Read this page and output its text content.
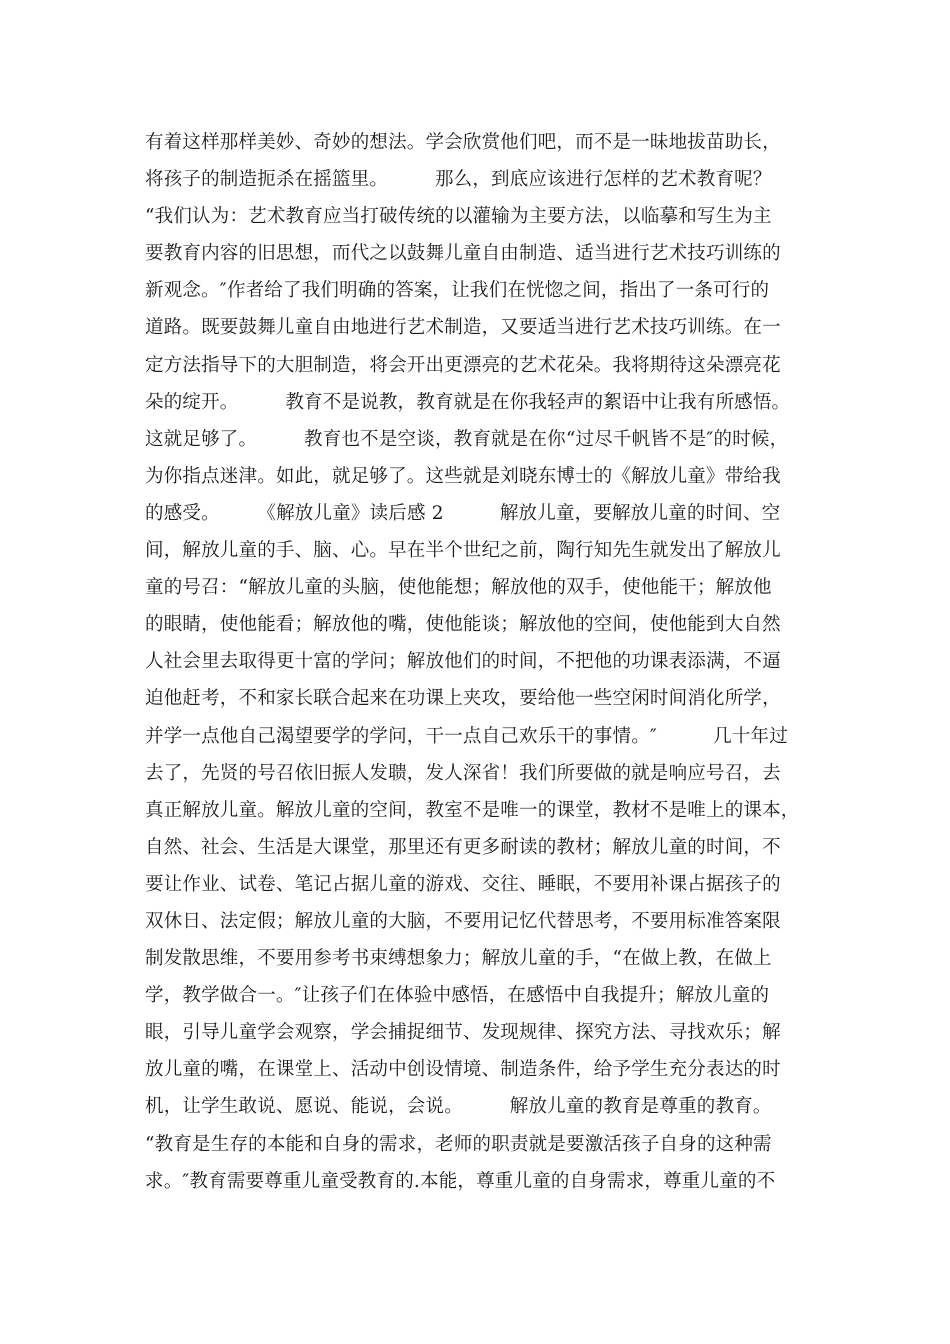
有着这样那样美妙、奇妙的想法。学会欣赏他们吧，而不是一昧地拔苗助长，
将孩子的制造扼杀在摇篮里。　　　那么，到底应该进行怎样的艺术教育呢？
“我们认为：艺术教育应当打破传统的以灌输为主要方法，以临摹和写生为主
要教育内容的旧思想，而代之以鼓舞儿童自由制造、适当进行艺术技巧训练的
新观念。″作者给了我们明确的答案，让我们在恍惚之间，指出了一条可行的
道路。既要鼓舞儿童自由地进行艺术制造，又要适当进行艺术技巧训练。在一
定方法指导下的大胆制造，将会开出更漂亮的艺术花朵。我将期待这朵漂亮花
朵的绽开。　　　教育不是说教，教育就是在你我轻声的絮语中让我有所感悟。
这就足够了。　　　教育也不是空谈，教育就是在你“过尽千帆皆不是″的时候，
为你指点迷津。如此，就足够了。这些就是刘晓东博士的《解放儿童》带给我
的感受。　　　《解放儿童》读后感 2　　　解放儿童，要解放儿童的时间、空
间，解放儿童的手、脑、心。早在半个世纪之前，陶行知先生就发出了解放儿
童的号召：“解放儿童的头脑，使他能想；解放他的双手，使他能干；解放他
的眼睛，使他能看；解放他的嘴，使他能谈；解放他的空间，使他能到大自然
人社会里去取得更十富的学问；解放他们的时间，不把他的功课表添满，不逼
迫他赶考，不和家长联合起来在功课上夹攻，要给他一些空闲时间消化所学，
并学一点他自己渴望要学的学问，干一点自己欢乐干的事情。″　　　几十年过
去了，先贤的号召依旧振人发聩，发人深省！我们所要做的就是响应号召，去
真正解放儿童。解放儿童的空间，教室不是唯一的课堂，教材不是唯上的课本，
自然、社会、生活是大课堂，那里还有更多耐读的教材；解放儿童的时间，不
要让作业、试卷、笔记占据儿童的游戏、交往、睡眠，不要用补课占据孩子的
双休日、法定假；解放儿童的大脑，不要用记忆代替思考，不要用标准答案限
制发散思维，不要用参考书束缚想象力；解放儿童的手，“在做上教，在做上
学，教学做合一。″让孩子们在体验中感悟，在感悟中自我提升；解放儿童的
眼，引导儿童学会观察，学会捕捉细节、发现规律、探究方法、寻找欢乐；解
放儿童的嘴，在课堂上、活动中创设情境、制造条件，给予学生充分表达的时
机，让学生敢说、愿说、能说，会说。　　　解放儿童的教育是尊重的教育。
“教育是生存的本能和自身的需求，老师的职责就是要激活孩子自身的这种需
求。″教育需要尊重儿童受教育的.本能，尊重儿童的自身需求，尊重儿童的不
